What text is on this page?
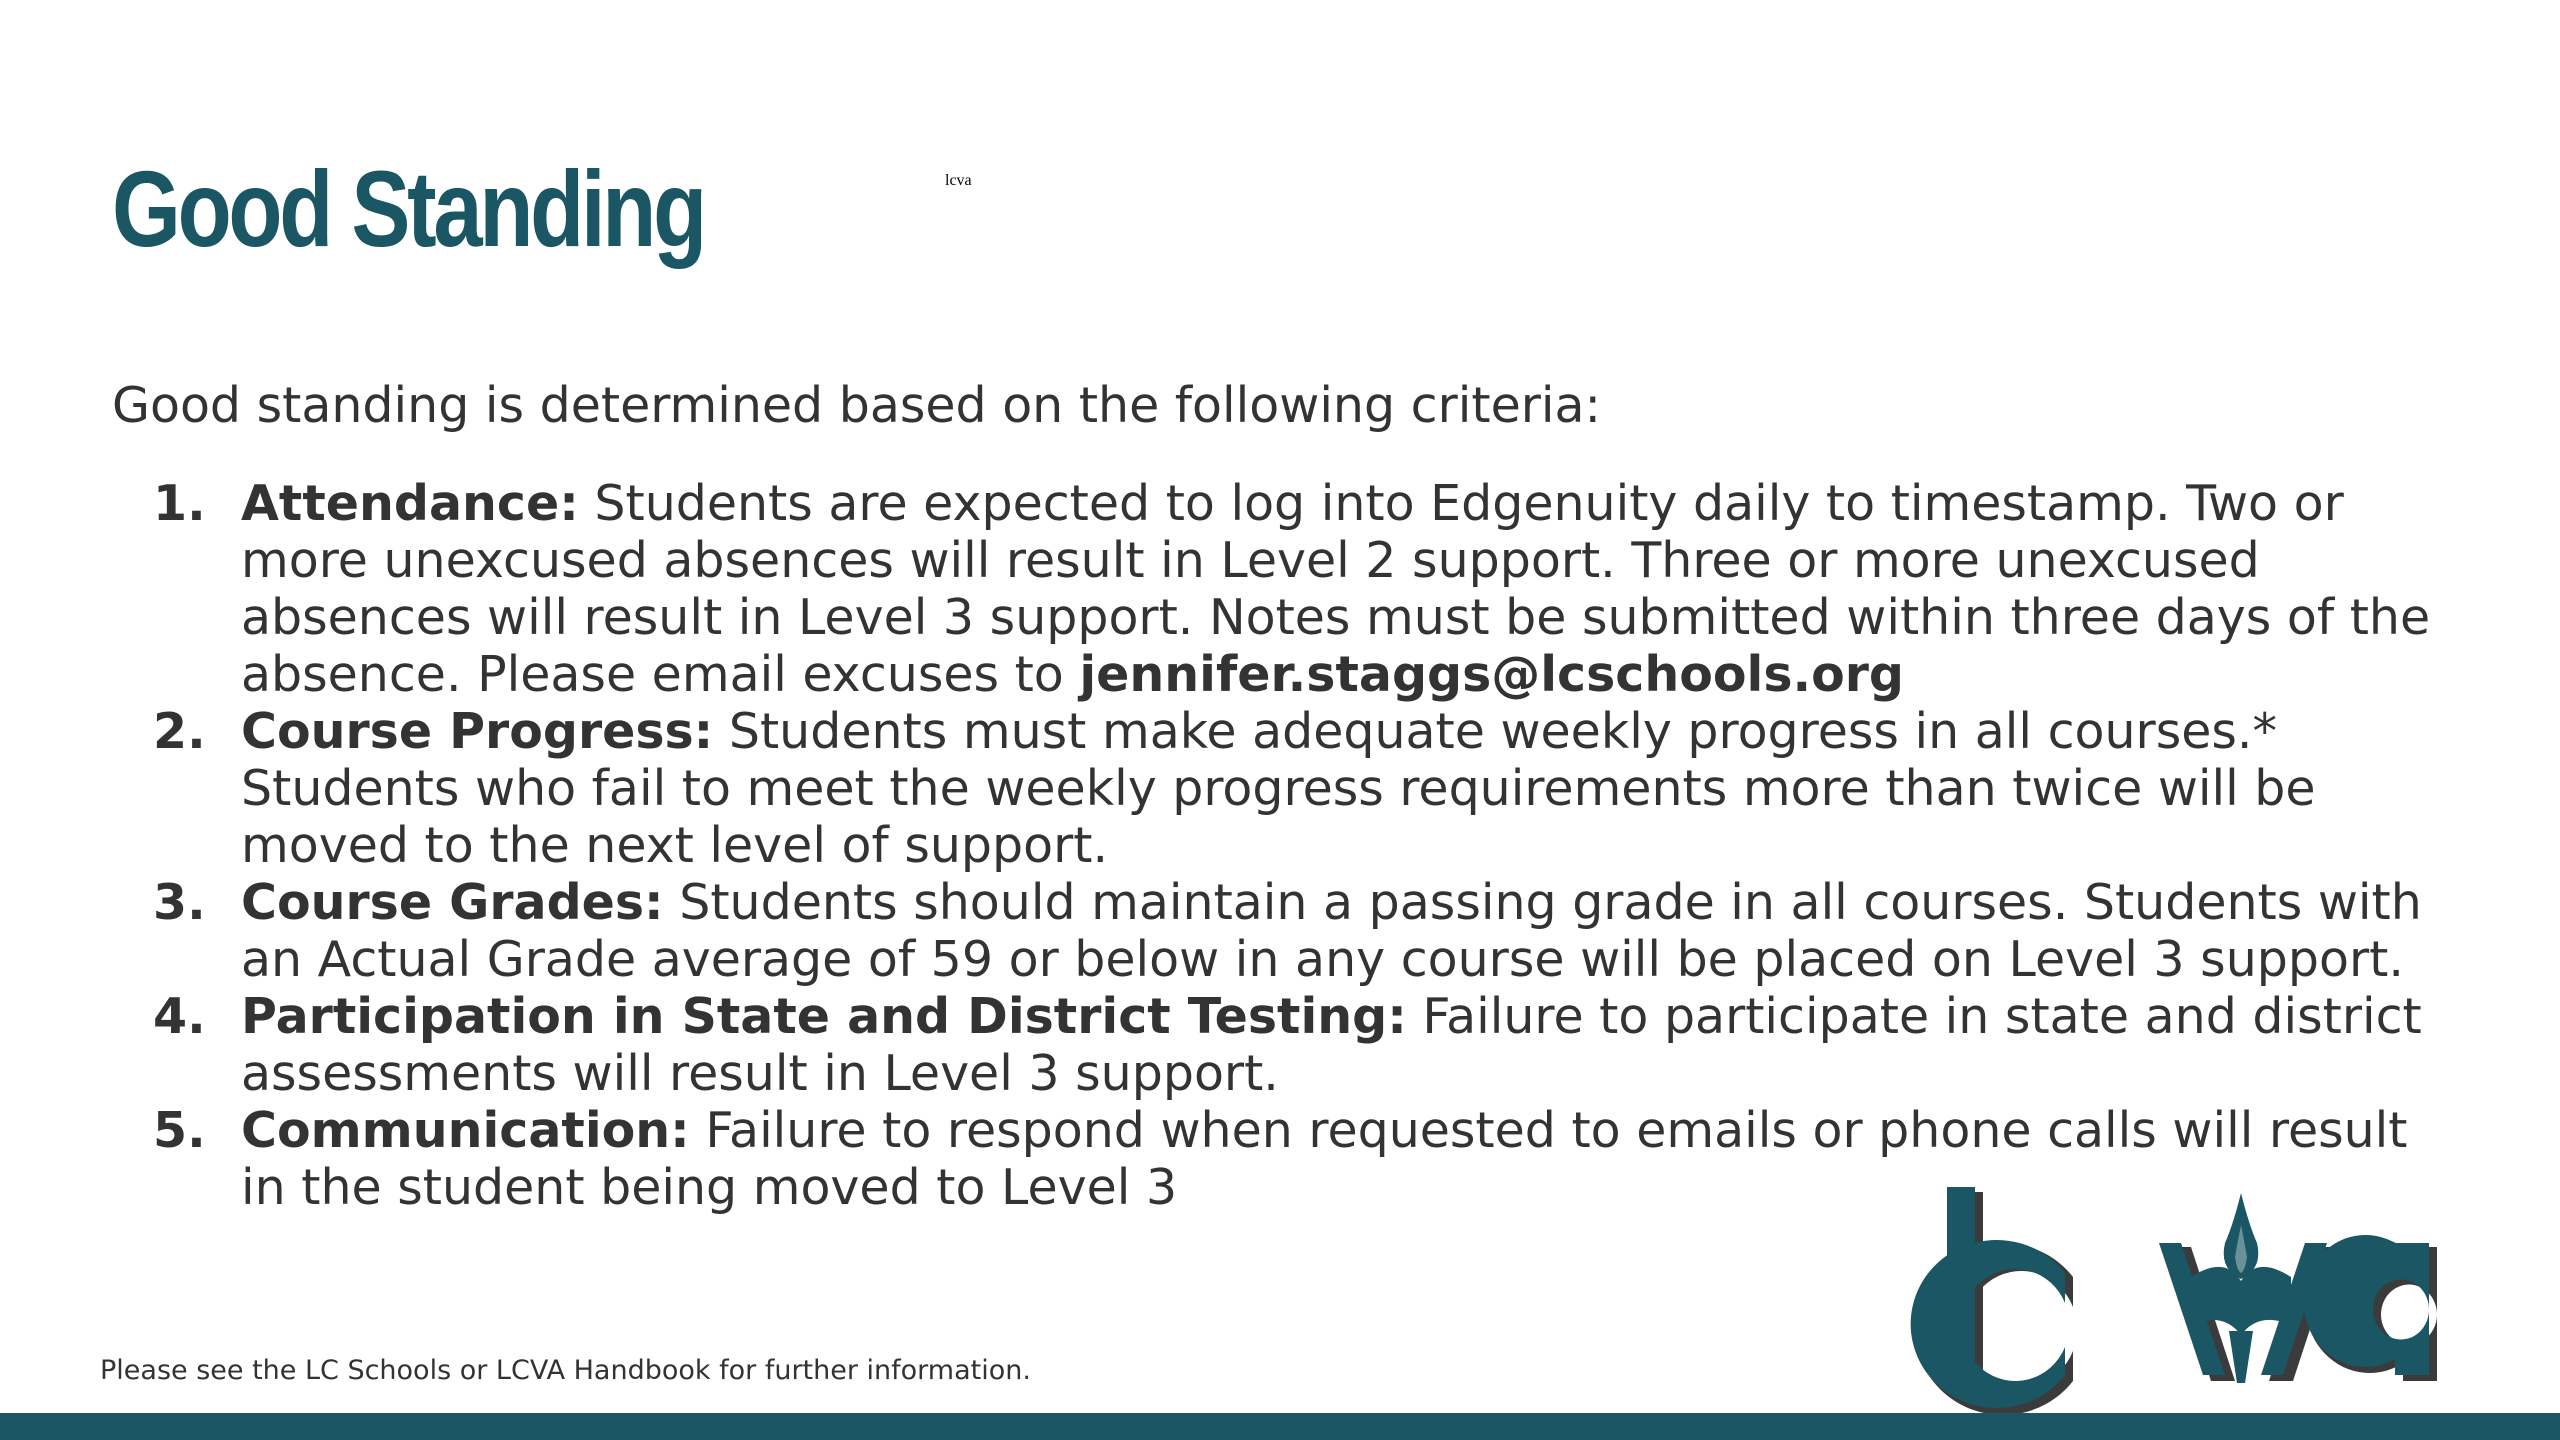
Good Standing

Good standing is determined based on the following criteria:

1. Attendance: Students are expected to log into Edgenuity daily to timestamp. Two or more unexcused absences will result in Level 2 support. Three or more unexcused absences will result in Level 3 support. Notes must be submitted within three days of the absence. Please email excuses to jennifer.staggs@lcschools.org
2. Course Progress: Students must make adequate weekly progress in all courses.* Students who fail to meet the weekly progress requirements more than twice will be moved to the next level of support.
3. Course Grades: Students should maintain a passing grade in all courses. Students with an Actual Grade average of 59 or below in any course will be placed on Level 3 support.
4. Participation in State and District Testing: Failure to participate in state and district assessments will result in Level 3 support.
5. Communication: Failure to respond when requested to emails or phone calls will result in the student being moved to Level 3
Please see the LC Schools or LCVA Handbook for further information.
lcva
